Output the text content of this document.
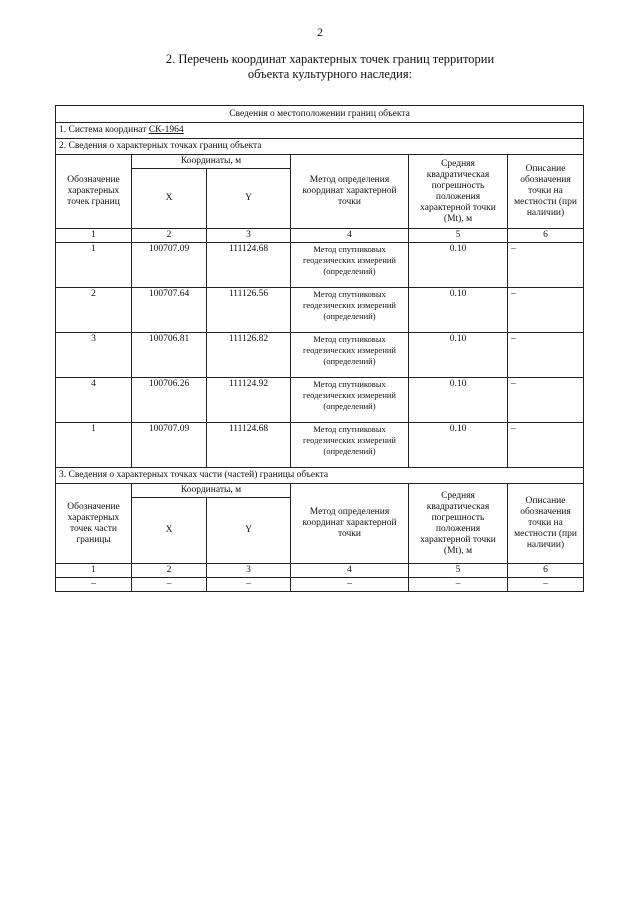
2
2. Перечень координат характерных точек границ территории
объекта культурного наследия:
Сведения о местоположении границ объекта					
1. Система координат СК-1964					
2. Сведения о характерных точках границ объекта					
Обозначение характерных точек границ	Координаты, м		Метод определения координат характерной точки	Средняя квадратическая погрешность положения характерной точки (Mt), м	Описание обозначения точки на местности (при наличии)
	X	Y			
1	2	3	4	5	6
1	100707.09	111124.68	Метод спутниковых геодезических измерений (определений)	0.10	–
2	100707.64	111126.56	Метод спутниковых геодезических измерений (определений)	0.10	–
3	100706.81	111126.82	Метод спутниковых геодезических измерений (определений)	0.10	–
4	100706.26	111124.92	Метод спутниковых геодезических измерений (определений)	0.10	–
1	100707.09	111124.68	Метод спутниковых геодезических измерений (определений)	0.10	–
3. Сведения о характерных точках части (частей) границы объекта					
Обозначение характерных точек части границы	Координаты, м		Метод определения координат характерной точки	Средняя квадратическая погрешность положения характерной точки (Mt), м	Описание обозначения точки на местности (при наличии)
	X	Y			
1	2	3	4	5	6
–	–	–	–	–	–
